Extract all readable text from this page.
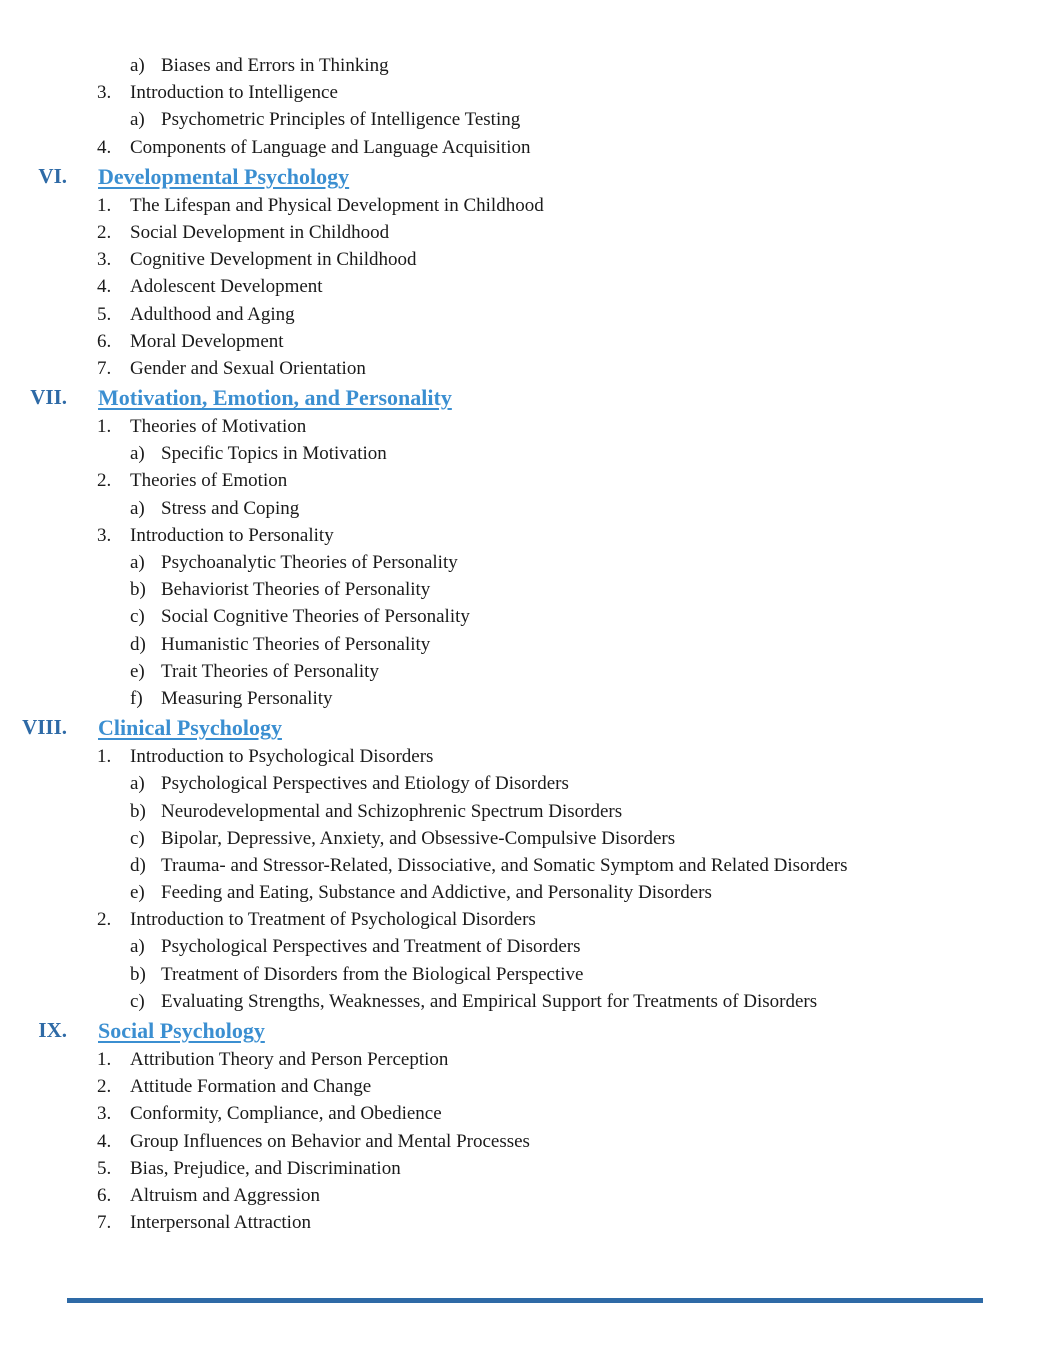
a) Biases and Errors in Thinking
3. Introduction to Intelligence
a) Psychometric Principles of Intelligence Testing
4. Components of Language and Language Acquisition
VI. Developmental Psychology
1. The Lifespan and Physical Development in Childhood
2. Social Development in Childhood
3. Cognitive Development in Childhood
4. Adolescent Development
5. Adulthood and Aging
6. Moral Development
7. Gender and Sexual Orientation
VII. Motivation, Emotion, and Personality
1. Theories of Motivation
a) Specific Topics in Motivation
2. Theories of Emotion
a) Stress and Coping
3. Introduction to Personality
a) Psychoanalytic Theories of Personality
b) Behaviorist Theories of Personality
c) Social Cognitive Theories of Personality
d) Humanistic Theories of Personality
e) Trait Theories of Personality
f) Measuring Personality
VIII. Clinical Psychology
1. Introduction to Psychological Disorders
a) Psychological Perspectives and Etiology of Disorders
b) Neurodevelopmental and Schizophrenic Spectrum Disorders
c) Bipolar, Depressive, Anxiety, and Obsessive-Compulsive Disorders
d) Trauma- and Stressor-Related, Dissociative, and Somatic Symptom and Related Disorders
e) Feeding and Eating, Substance and Addictive, and Personality Disorders
2. Introduction to Treatment of Psychological Disorders
a) Psychological Perspectives and Treatment of Disorders
b) Treatment of Disorders from the Biological Perspective
c) Evaluating Strengths, Weaknesses, and Empirical Support for Treatments of Disorders
IX. Social Psychology
1. Attribution Theory and Person Perception
2. Attitude Formation and Change
3. Conformity, Compliance, and Obedience
4. Group Influences on Behavior and Mental Processes
5. Bias, Prejudice, and Discrimination
6. Altruism and Aggression
7. Interpersonal Attraction
